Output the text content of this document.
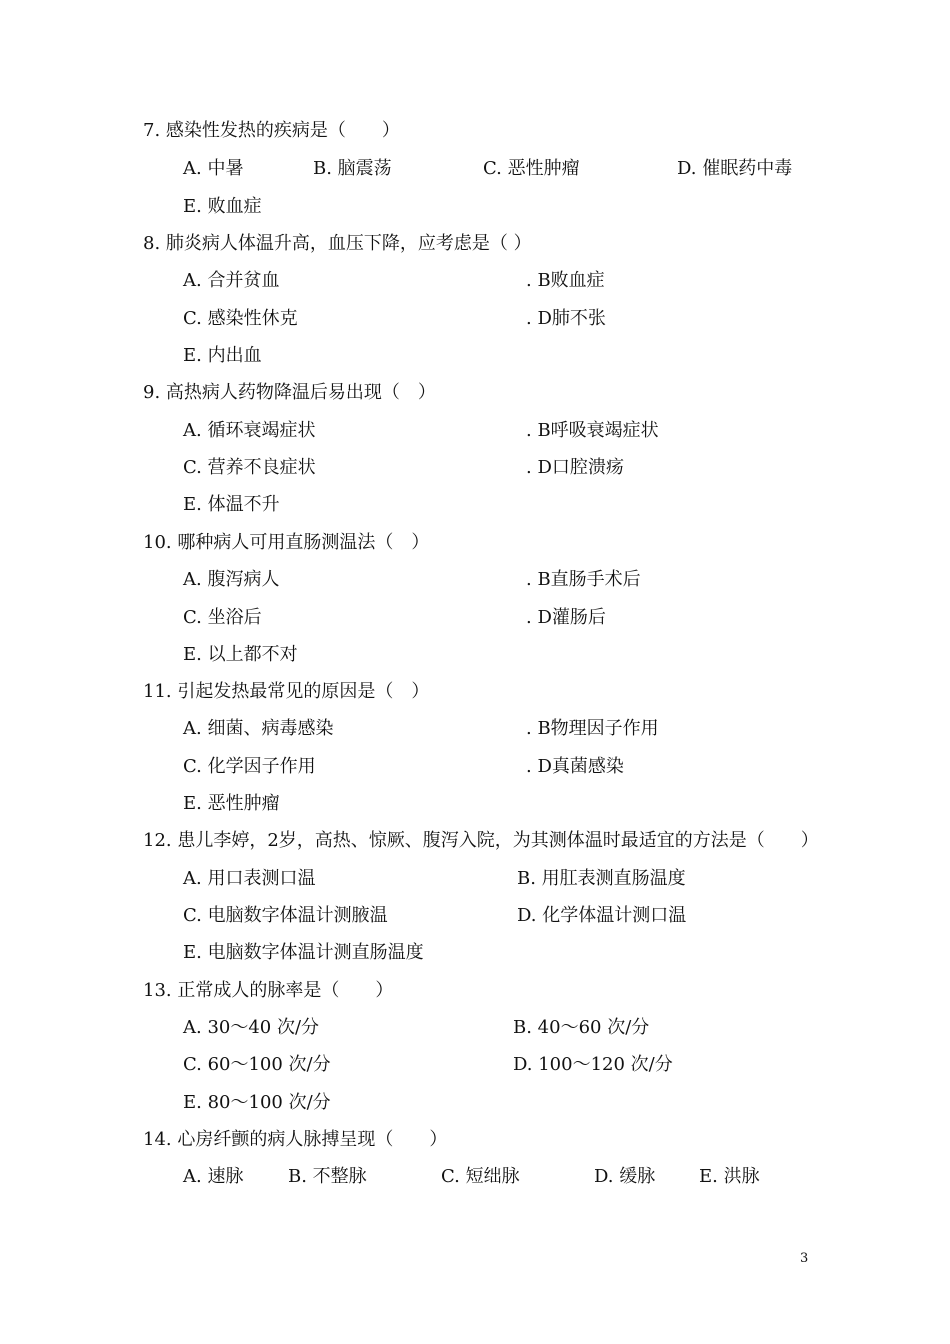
7. 感染性发热的疾病是（　　）
A. 中暑	B. 脑震荡	C. 恶性肿瘤	D. 催眠药中毒
E. 败血症
8. 肺炎病人体温升高，血压下降，应考虑是（ ）
A. 合并贫血	. B败血症
C. 感染性休克	. D肺不张
E. 内出血
9. 高热病人药物降温后易出现（　）
A. 循环衰竭症状	. B呼吸衰竭症状
C. 营养不良症状	. D口腔溃疡
E. 体温不升
10. 哪种病人可用直肠测温法（　）
A. 腹泻病人	. B直肠手术后
C. 坐浴后	. D灌肠后
E. 以上都不对
11. 引起发热最常见的原因是（　）
A. 细菌、病毒感染	. B物理因子作用
C. 化学因子作用	. D真菌感染
E. 恶性肿瘤
12. 患儿李婷，2岁，高热、惊厥、腹泻入院，为其测体温时最适宜的方法是（　　）
A. 用口表测口温	B. 用肛表测直肠温度
C. 电脑数字体温计测腋温	D. 化学体温计测口温
E. 电脑数字体温计测直肠温度
13. 正常成人的脉率是（　　）
A. 30～40 次/分	B. 40～60 次/分
C. 60～100 次/分	D. 100～120 次/分
E. 80～100 次/分
14. 心房纤颤的病人脉搏呈现（　　）
A. 速脉 B. 不整脉	C. 短绌脉	D. 缓脉 E. 洪脉
3
